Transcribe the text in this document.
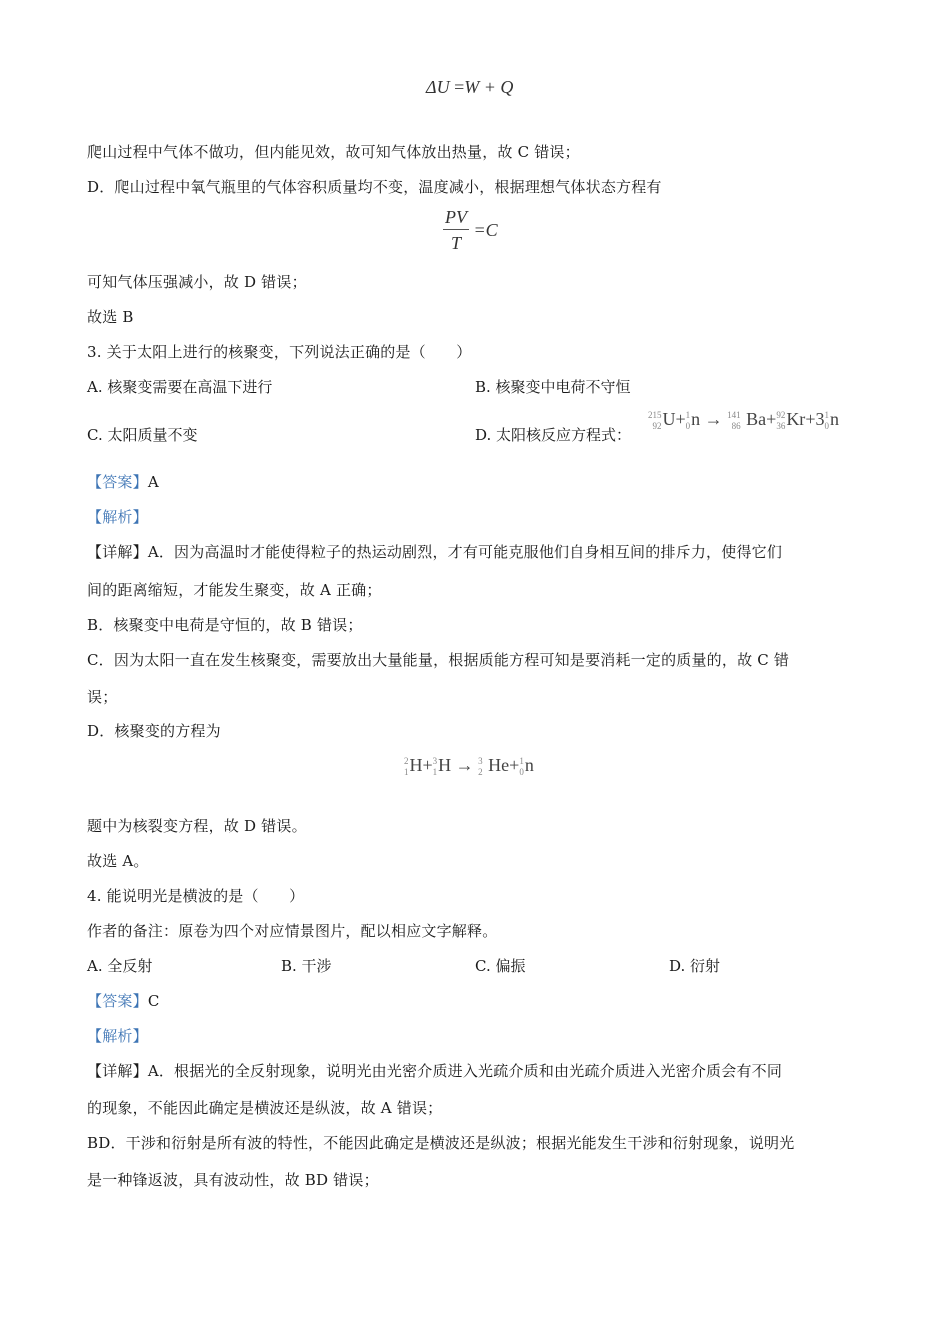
ΔU =W + Q
爬山过程中气体不做功，但内能见效，故可知气体放出热量，故 C 错误；
D．爬山过程中氧气瓶里的气体容积质量均不变，温度减小，根据理想气体状态方程有
$\frac{PV}{T} =C$
可知气体压强减小，故 D 错误；
故选 B
3. 关于太阳上进行的核聚变，下列说法正确的是（　　）
A. 核聚变需要在高温下进行	B. 核聚变中电荷不守恒
C. 太阳质量不变	D. 太阳核反应方程式：
215
92 U+ 1
0 n → 141
86 Ba+ 92
36 Kr+3 1
0 n
【答案】A
【解析】
【详解】A．因为高温时才能使得粒子的热运动剧烈，才有可能克服他们自身相互间的排斥力，使得它们
间的距离缩短，才能发生聚变，故 A 正确；
B．核聚变中电荷是守恒的，故 B 错误；
C．因为太阳一直在发生核聚变，需要放出大量能量，根据质能方程可知是要消耗一定的质量的，故 C 错
误；
D．核聚变的方程为
2
1 H+ 3
1 H → 3
2 He+ 1
0 n
题中为核裂变方程，故 D 错误。
故选 A。
4. 能说明光是横波的是（　　）
作者的备注：原卷为四个对应情景图片，配以相应文字解释。
A. 全反射	B. 干涉	C. 偏振	D. 衍射
【答案】C
【解析】
【详解】A．根据光的全反射现象，说明光由光密介质进入光疏介质和由光疏介质进入光密介质会有不同
的现象，不能因此确定是横波还是纵波，故 A 错误；
BD．干涉和衍射是所有波的特性，不能因此确定是横波还是纵波；根据光能发生干涉和衍射现象，说明光
是一种锋返波，具有波动性，故 BD 错误；
